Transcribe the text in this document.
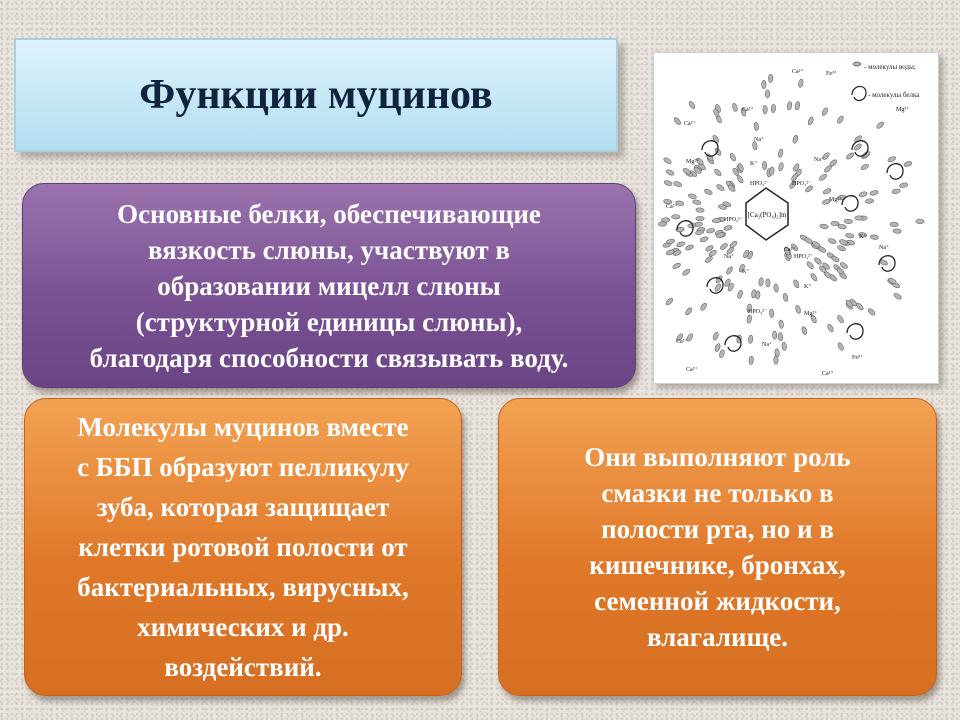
Функции муцинов	Ca²⁺	Fe³⁺
Ca²⁺
Ca²⁺
Na⁺
Mg²⁺	K⁺
HPO₄²⁻	HPO₄²⁻
Na⁺
Ca²⁺
HPO₄²⁻
HPO₄²⁻
K⁺
Mg²⁺
Ca²⁺
Na⁺
K⁺
HPO₄²⁻
Na⁺
Ca²⁺
Mg²⁺
K⁺
Ca²⁺
Ca²⁺
Fe³⁺
Na⁺
Mg²⁺
[Ca₃(PO₄)₂]m
- молекулы воды;
- молекулы белка

Основные белки, обеспечивающие
вязкость слюны, участвуют в
образовании мицелл слюны
(структурной единицы слюны),
благодаря способности связывать воду.

Молекулы муцинов вместе
с ББП образуют пелликулу
зуба, которая защищает
клетки ротовой полости от
бактериальных, вирусных,
химических и др.
воздействий.

Они выполняют роль
смазки не только в
полости рта, но и в
кишечнике, бронхах,
семенной жидкости,
влагалище.
